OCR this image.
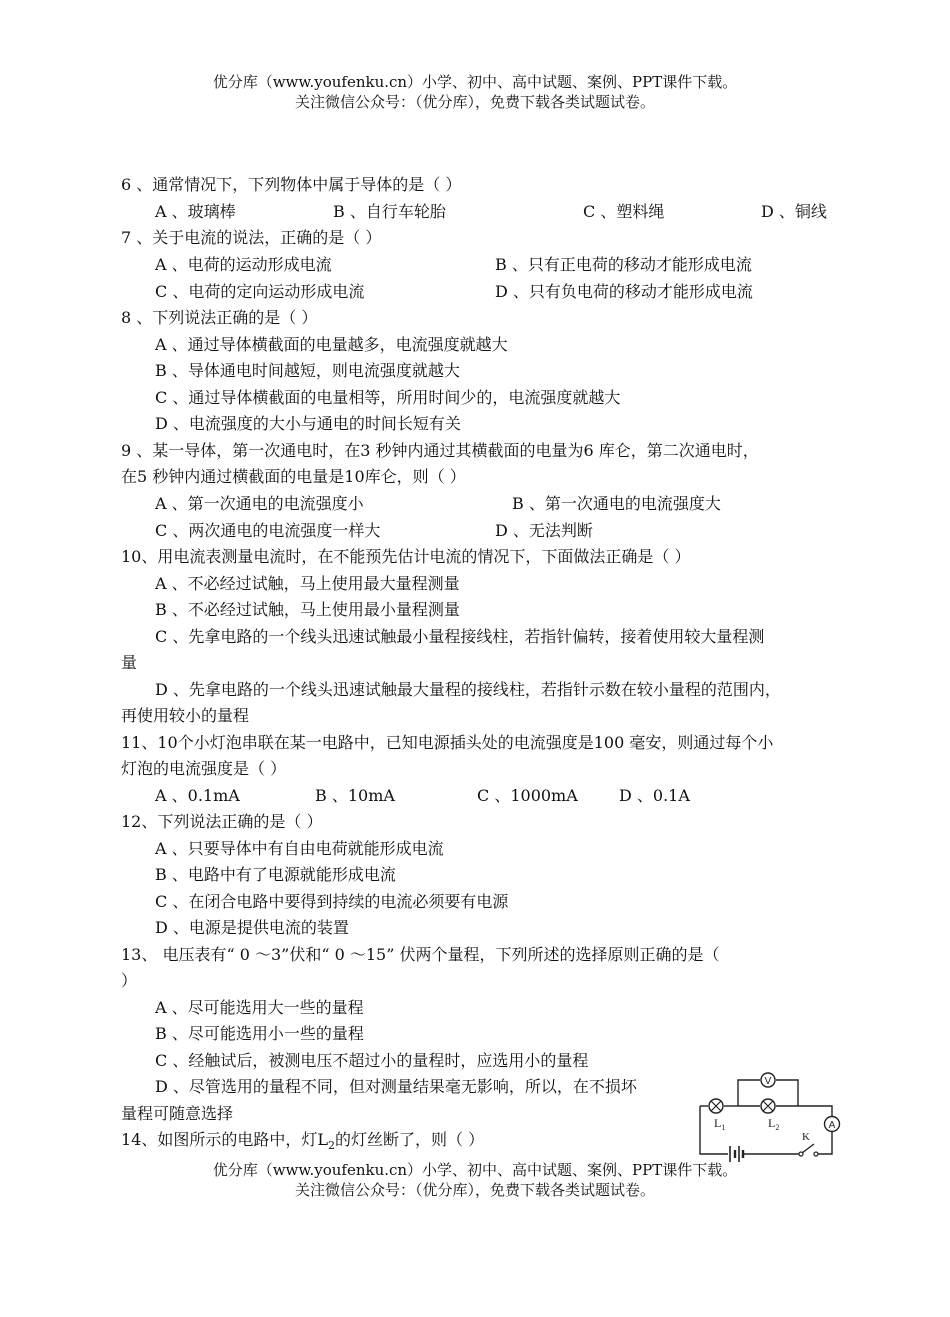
优分库（www.youfenku.cn）小学、初中、高中试题、案例、PPT课件下载。
关注微信公众号：（优分库），免费下载各类试题试卷。
6 、通常情况下，下列物体中属于导体的是（ ）
A 、玻璃棒	B 、自行车轮胎	C 、塑料绳	D 、铜线
7 、关于电流的说法，正确的是（ ）
A 、电荷的运动形成电流	B 、只有正电荷的移动才能形成电流
C 、电荷的定向运动形成电流	D 、只有负电荷的移动才能形成电流
8 、下列说法正确的是（ ）
A 、通过导体横截面的电量越多，电流强度就越大
B 、导体通电时间越短，则电流强度就越大
C 、通过导体横截面的电量相等，所用时间少的，电流强度就越大
D 、电流强度的大小与通电的时间长短有关
9 、某一导体，第一次通电时，在3 秒钟内通过其横截面的电量为6 库仑，第二次通电时，
在5 秒钟内通过横截面的电量是10库仑，则（ ）
A 、第一次通电的电流强度小	B 、第一次通电的电流强度大
C 、两次通电的电流强度一样大	D 、无法判断
10、用电流表测量电流时，在不能预先估计电流的情况下，下面做法正确是（ ）
A 、不必经过试触，马上使用最大量程测量
B 、不必经过试触，马上使用最小量程测量
C 、先拿电路的一个线头迅速试触最小量程接线柱，若指针偏转，接着使用较大量程测
量
D 、先拿电路的一个线头迅速试触最大量程的接线柱，若指针示数在较小量程的范围内，
再使用较小的量程
11、10个小灯泡串联在某一电路中，已知电源插头处的电流强度是100 毫安，则通过每个小
灯泡的电流强度是（ ）
A 、0.1mA	B 、10mA	C 、1000mA	D 、0.1A
12、下列说法正确的是（ ）
A 、只要导体中有自由电荷就能形成电流
B 、电路中有了电源就能形成电流
C 、在闭合电路中要得到持续的电流必须要有电源
D 、电源是提供电流的装置
13、 电压表有“ 0 ～3”伏和“ 0 ～15” 伏两个量程，下列所述的选择原则正确的是（
）
A 、尽可能选用大一些的量程
B 、尽可能选用小一些的量程
C 、经触试后，被测电压不超过小的量程时，应选用小的量程
D 、尽管选用的量程不同，但对测量结果毫无影响，所以，在不损坏
量程可随意选择
14、如图所示的电路中，灯$L_2$的灯丝断了，则（ ）
V
A
K
$L_1$	$L_2$
优分库（www.youfenku.cn）小学、初中、高中试题、案例、PPT课件下载。
关注微信公众号：（优分库），免费下载各类试题试卷。
